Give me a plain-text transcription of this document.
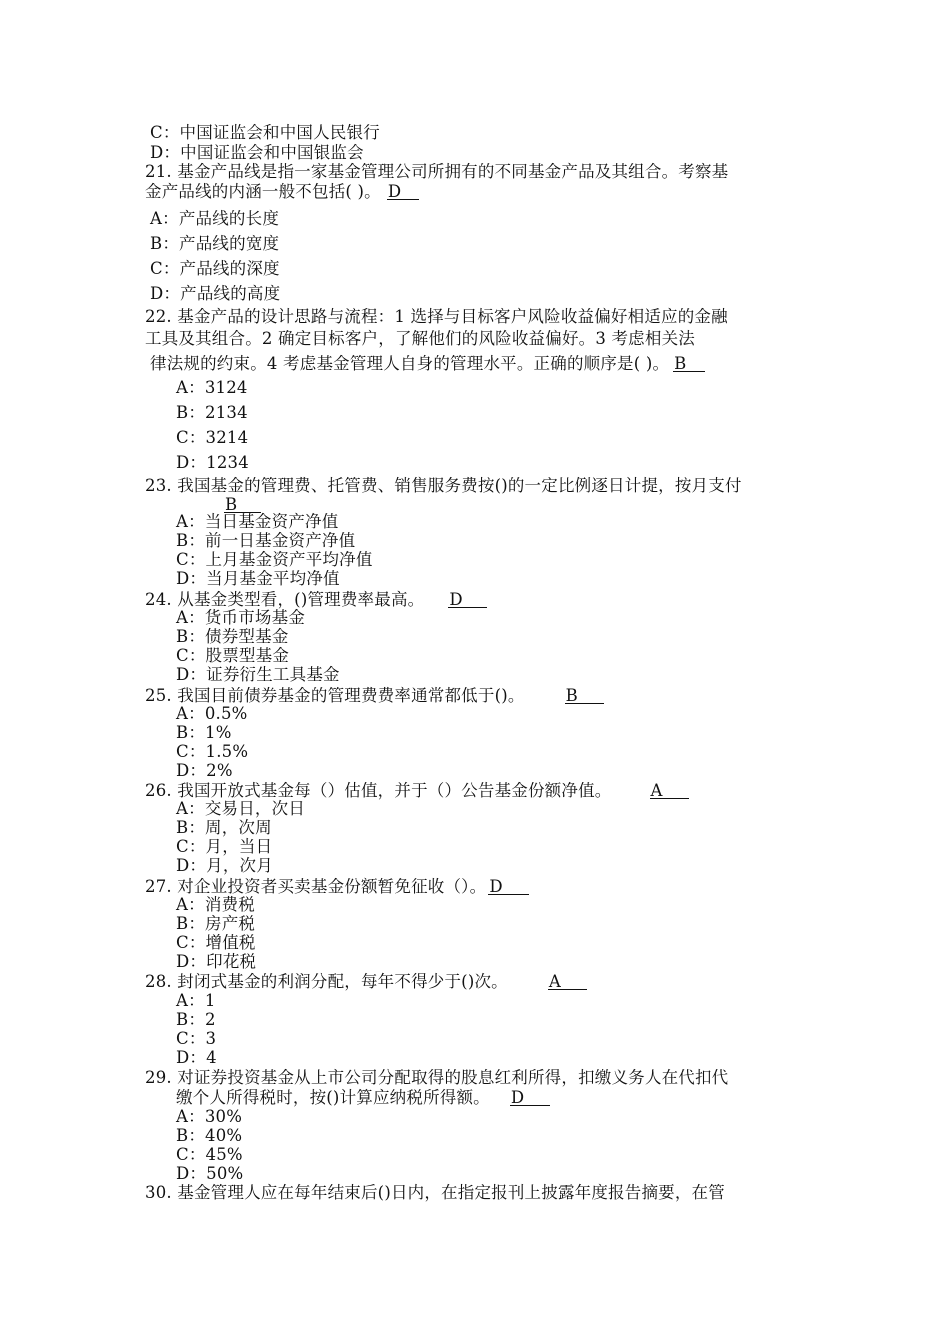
C：中国证监会和中国人民银行
D：中国证监会和中国银监会
21. 基金产品线是指一家基金管理公司所拥有的不同基金产品及其组合。考察基
金产品线的内涵一般不包括( )。 D
A：产品线的长度
B：产品线的宽度
C：产品线的深度
D：产品线的高度
22. 基金产品的设计思路与流程：1 选择与目标客户风险收益偏好相适应的金融
工具及其组合。2 确定目标客户，了解他们的风险收益偏好。3 考虑相关法
律法规的约束。4 考虑基金管理人自身的管理水平。正确的顺序是( )。 B
A：3124
B：2134
C：3214
D：1234
23. 我国基金的管理费、托管费、销售服务费按()的一定比例逐日计提，按月支付
B
A：当日基金资产净值
B：前一日基金资产净值
C：上月基金资产平均净值
D：当月基金平均净值
24. 从基金类型看，()管理费率最高。 D
A：货币市场基金
B：债券型基金
C：股票型基金
D：证券衍生工具基金
25. 我国目前债券基金的管理费费率通常都低于()。 B
A：0.5%
B：1%
C：1.5%
D：2%
26. 我国开放式基金每（）估值，并于（）公告基金份额净值。 A
A：交易日，次日
B：周，次周
C：月，当日
D：月，次月
27. 对企业投资者买卖基金份额暂免征收（）。 D
A：消费税
B：房产税
C：增值税
D：印花税
28. 封闭式基金的利润分配，每年不得少于()次。 A
A：1
B：2
C：3
D：4
29. 对证券投资基金从上市公司分配取得的股息红利所得，扣缴义务人在代扣代
缴个人所得税时，按()计算应纳税所得额。 D
A：30%
B：40%
C：45%
D：50%
30. 基金管理人应在每年结束后()日内，在指定报刊上披露年度报告摘要，在管
